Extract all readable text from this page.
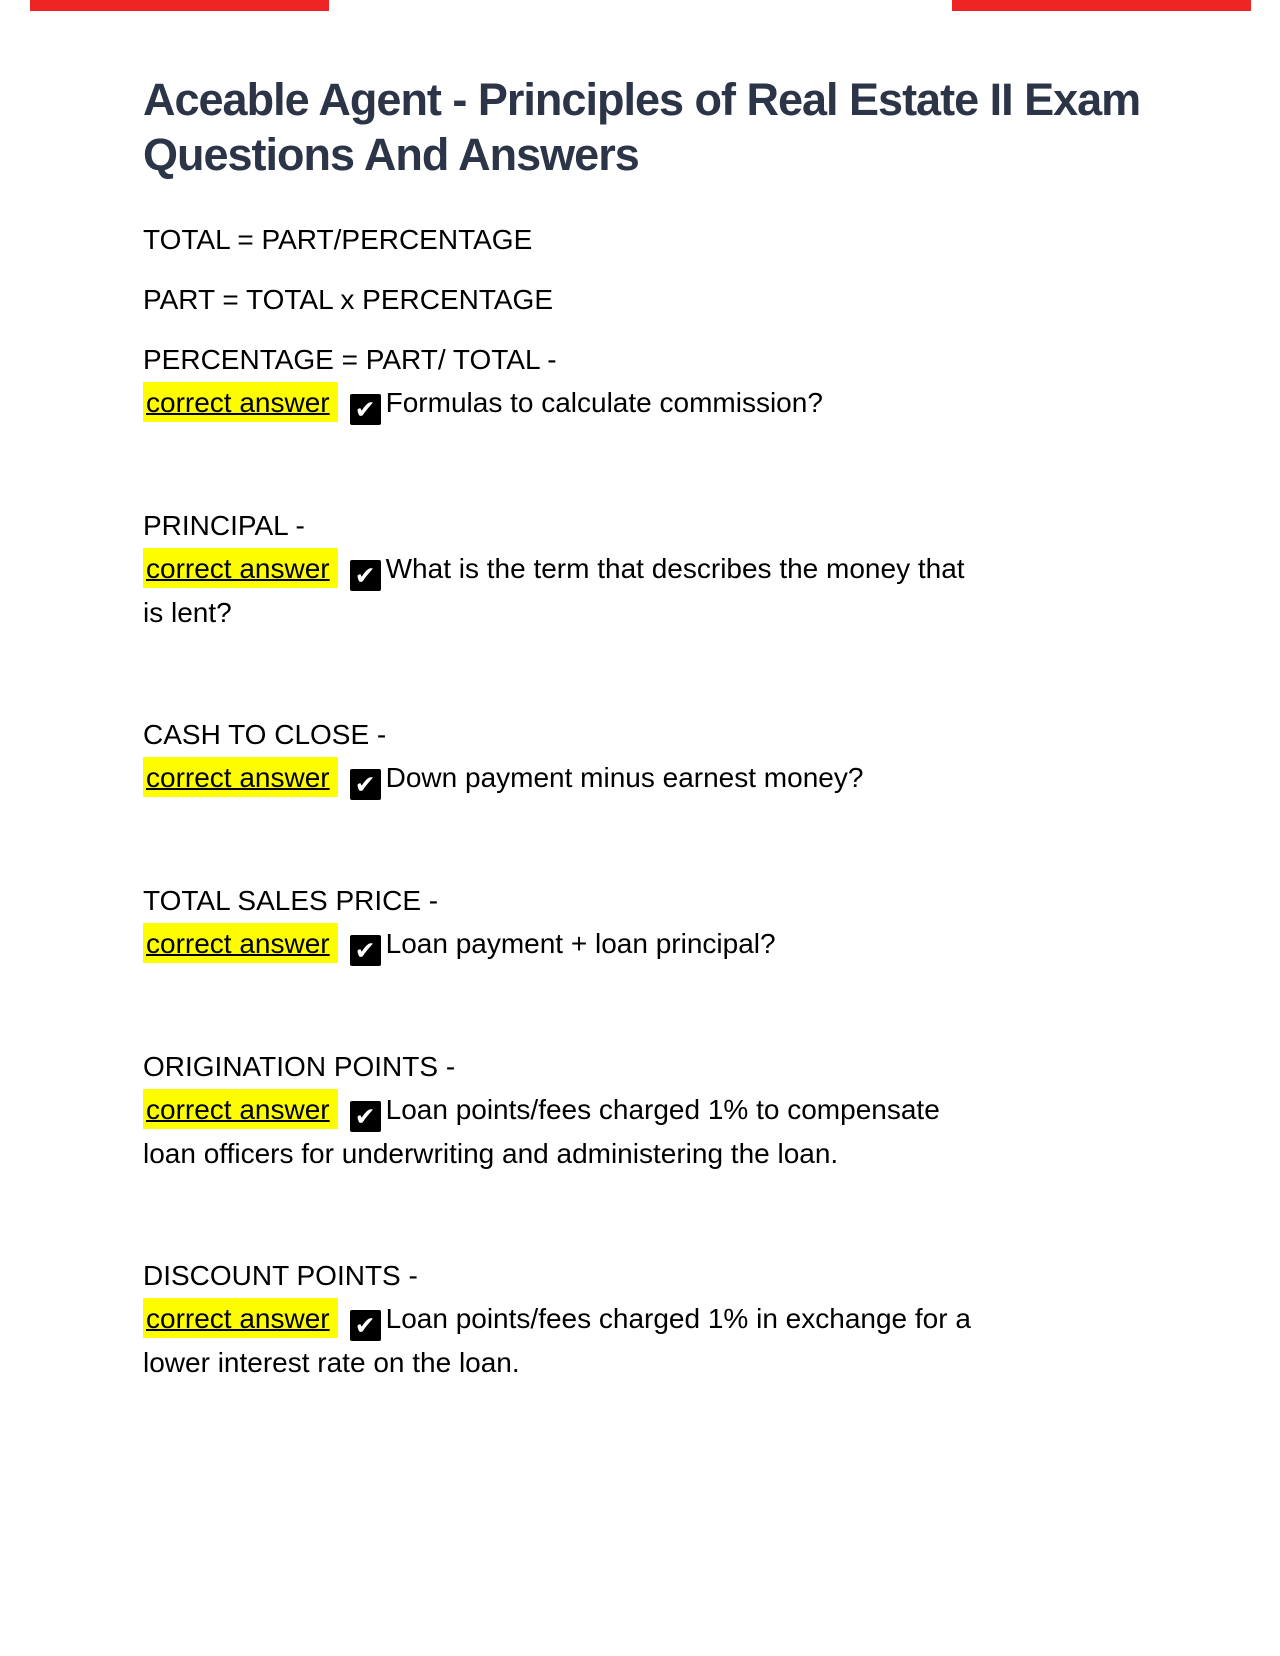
Aceable Agent - Principles of Real Estate II Exam Questions And Answers
TOTAL = PART/PERCENTAGE
PART = TOTAL x PERCENTAGE
PERCENTAGE = PART/ TOTAL -
correct answer ✔ Formulas to calculate commission?
PRINCIPAL -
correct answer ✔ What is the term that describes the money that
is lent?
CASH TO CLOSE -
correct answer ✔ Down payment minus earnest money?
TOTAL SALES PRICE -
correct answer ✔ Loan payment + loan principal?
ORIGINATION POINTS -
correct answer ✔ Loan points/fees charged 1% to compensate
loan officers for underwriting and administering the loan.
DISCOUNT POINTS -
correct answer ✔ Loan points/fees charged 1% in exchange for a
lower interest rate on the loan.
